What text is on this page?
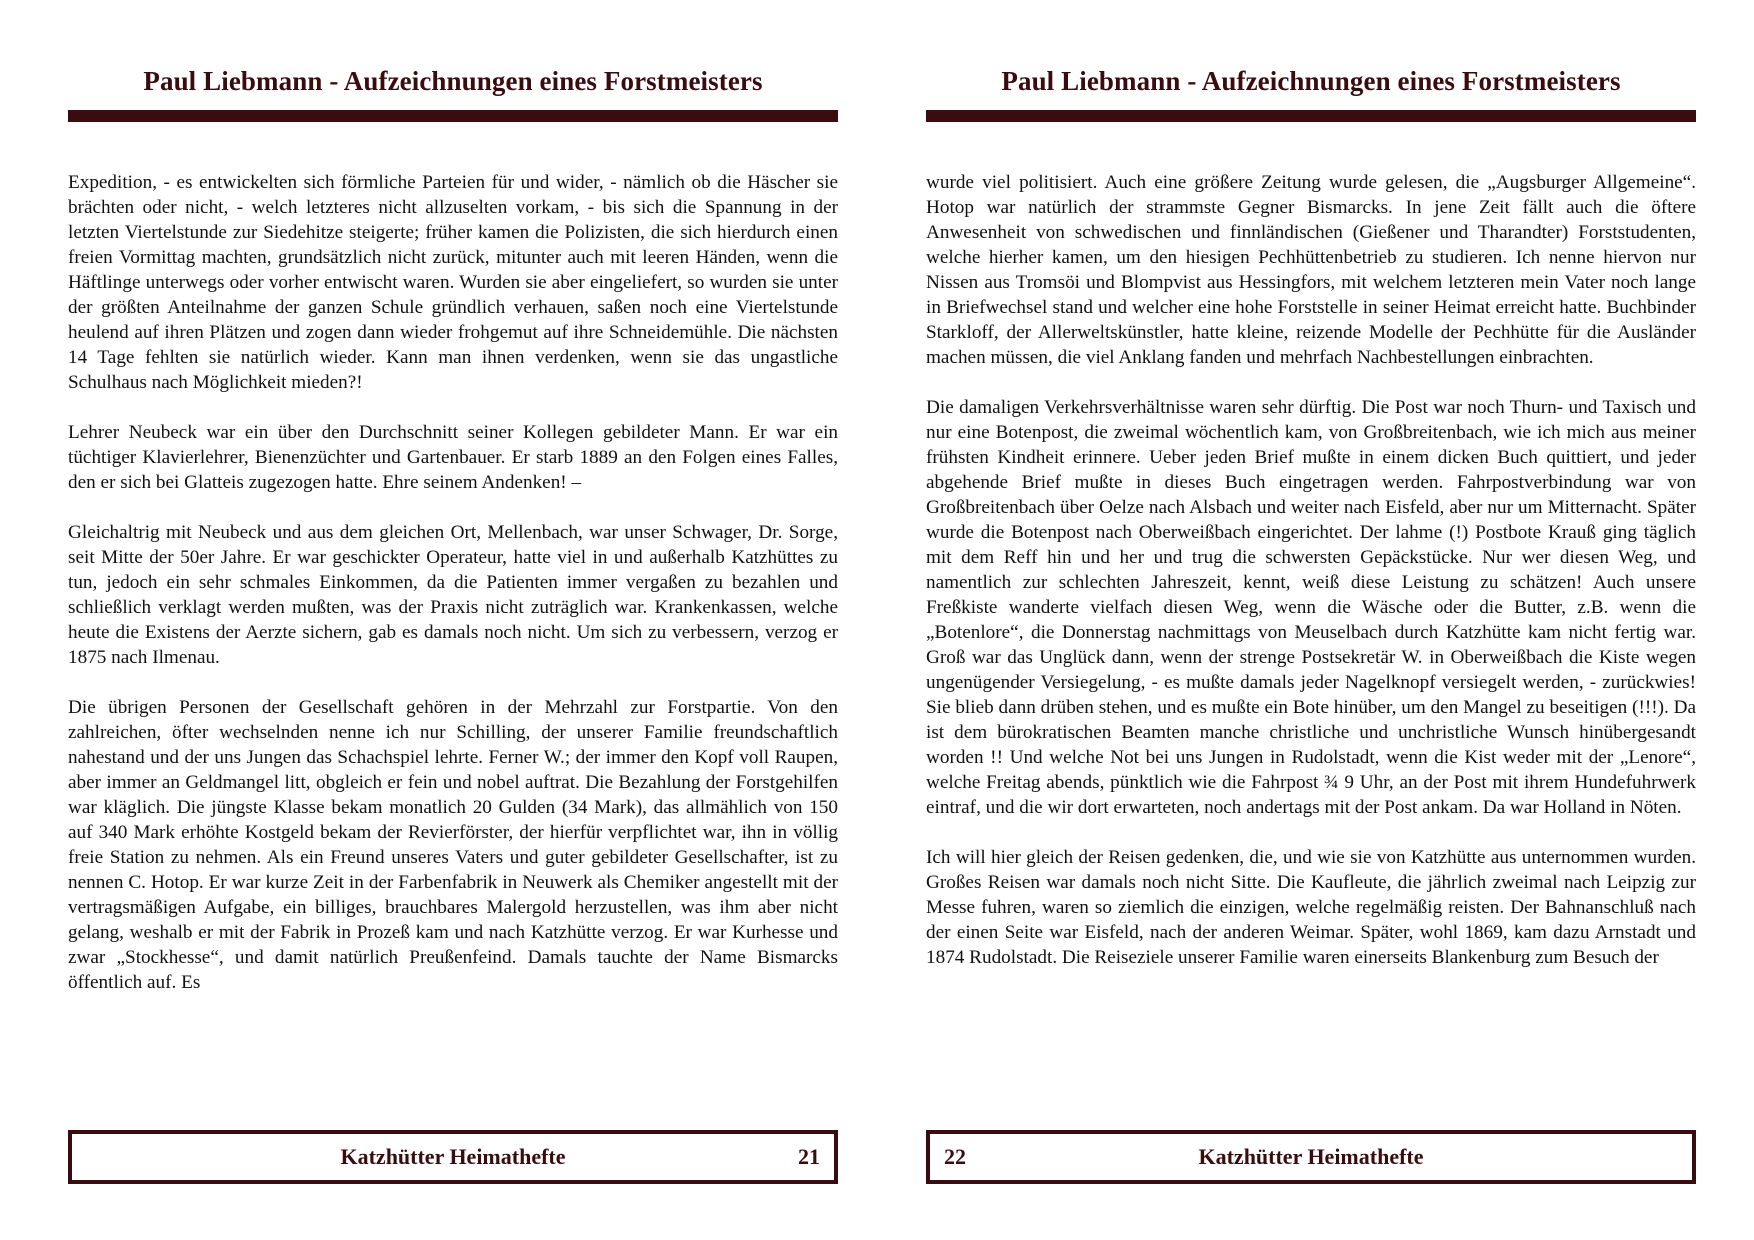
Paul Liebmann - Aufzeichnungen eines Forstmeisters

Expedition, - es entwickelten sich förmliche Parteien für und wider, - nämlich ob die Häscher sie brächten oder nicht, - welch letzteres nicht allzuselten vorkam, - bis sich die Spannung in der letzten Viertelstunde zur Siedehitze steigerte; früher kamen die Polizisten, die sich hierdurch einen freien Vormittag machten, grundsätzlich nicht zurück, mitunter auch mit leeren Händen, wenn die Häftlinge unterwegs oder vorher entwischt waren. Wurden sie aber eingeliefert, so wurden sie unter der größten Anteilnahme der ganzen Schule gründlich verhauen, saßen noch eine Viertelstunde heulend auf ihren Plätzen und zogen dann wieder frohgemut auf ihre Schneidemühle. Die nächsten 14 Tage fehlten sie natürlich wieder. Kann man ihnen verdenken, wenn sie das ungastliche Schulhaus nach Möglichkeit mieden?!

Lehrer Neubeck war ein über den Durchschnitt seiner Kollegen gebildeter Mann. Er war ein tüchtiger Klavierlehrer, Bienenzüchter und Gartenbauer. Er starb 1889 an den Folgen eines Falles, den er sich bei Glatteis zugezogen hatte. Ehre seinem Andenken! –

Gleichaltrig mit Neubeck und aus dem gleichen Ort, Mellenbach, war unser Schwager, Dr. Sorge, seit Mitte der 50er Jahre. Er war geschickter Operateur, hatte viel in und außerhalb Katzhüttes zu tun, jedoch ein sehr schmales Einkommen, da die Patienten immer vergaßen zu bezahlen und schließlich verklagt werden mußten, was der Praxis nicht zuträglich war. Krankenkassen, welche heute die Existens der Aerzte sichern, gab es damals noch nicht. Um sich zu verbessern, verzog er 1875 nach Ilmenau.

Die übrigen Personen der Gesellschaft gehören in der Mehrzahl zur Forstpartie. Von den zahlreichen, öfter wechselnden nenne ich nur Schilling, der unserer Familie freundschaftlich nahestand und der uns Jungen das Schachspiel lehrte. Ferner W.; der immer den Kopf voll Raupen, aber immer an Geldmangel litt, obgleich er fein und nobel auftrat. Die Bezahlung der Forstgehilfen war kläglich. Die jüngste Klasse bekam monatlich 20 Gulden (34 Mark), das allmählich von 150 auf 340 Mark erhöhte Kostgeld bekam der Revierförster, der hierfür verpflichtet war, ihn in völlig freie Station zu nehmen. Als ein Freund unseres Vaters und guter gebildeter Gesellschafter, ist zu nennen C. Hotop. Er war kurze Zeit in der Farbenfabrik in Neuwerk als Chemiker angestellt mit der vertragsmäßigen Aufgabe, ein billiges, brauchbares Malergold herzustellen, was ihm aber nicht gelang, weshalb er mit der Fabrik in Prozeß kam und nach Katzhütte verzog. Er war Kurhesse und zwar „Stockhesse“, und damit natürlich Preußenfeind. Damals tauchte der Name Bismarcks öffentlich auf. Es

Katzhütter Heimathefte	21
Paul Liebmann - Aufzeichnungen eines Forstmeisters

wurde viel politisiert. Auch eine größere Zeitung wurde gelesen, die „Augsburger Allgemeine“. Hotop war natürlich der strammste Gegner Bismarcks. In jene Zeit fällt auch die öftere Anwesenheit von schwedischen und finnländischen (Gießener und Tharandter) Forststudenten, welche hierher kamen, um den hiesigen Pechhüttenbetrieb zu studieren. Ich nenne hiervon nur Nissen aus Tromsöi und Blompvist aus Hessingfors, mit welchem letzteren mein Vater noch lange in Briefwechsel stand und welcher eine hohe Forststelle in seiner Heimat erreicht hatte. Buchbinder Starkloff, der Allerweltskünstler, hatte kleine, reizende Modelle der Pechhütte für die Ausländer machen müssen, die viel Anklang fanden und mehrfach Nachbestellungen einbrachten.

Die damaligen Verkehrsverhältnisse waren sehr dürftig. Die Post war noch Thurn- und Taxisch und nur eine Botenpost, die zweimal wöchentlich kam, von Großbreitenbach, wie ich mich aus meiner frühsten Kindheit erinnere. Ueber jeden Brief mußte in einem dicken Buch quittiert, und jeder abgehende Brief mußte in dieses Buch eingetragen werden. Fahrpostverbindung war von Großbreitenbach über Oelze nach Alsbach und weiter nach Eisfeld, aber nur um Mitternacht. Später wurde die Botenpost nach Oberweißbach eingerichtet. Der lahme (!) Postbote Krauß ging täglich mit dem Reff hin und her und trug die schwersten Gepäckstücke. Nur wer diesen Weg, und namentlich zur schlechten Jahreszeit, kennt, weiß diese Leistung zu schätzen! Auch unsere Freßkiste wanderte vielfach diesen Weg, wenn die Wäsche oder die Butter, z.B. wenn die „Botenlore“, die Donnerstag nachmittags von Meuselbach durch Katzhütte kam nicht fertig war. Groß war das Unglück dann, wenn der strenge Postsekretär W. in Oberweißbach die Kiste wegen ungenügender Versiegelung, - es mußte damals jeder Nagelknopf versiegelt werden, - zurückwies! Sie blieb dann drüben stehen, und es mußte ein Bote hinüber, um den Mangel zu beseitigen (!!!). Da ist dem bürokratischen Beamten manche christliche und unchristliche Wunsch hinübergesandt worden !! Und welche Not bei uns Jungen in Rudolstadt, wenn die Kist weder mit der „Lenore“, welche Freitag abends, pünktlich wie die Fahrpost ¾ 9 Uhr, an der Post mit ihrem Hundefuhrwerk eintraf, und die wir dort erwarteten, noch andertags mit der Post ankam. Da war Holland in Nöten.

Ich will hier gleich der Reisen gedenken, die, und wie sie von Katzhütte aus unternommen wurden. Großes Reisen war damals noch nicht Sitte. Die Kaufleute, die jährlich zweimal nach Leipzig zur Messe fuhren, waren so ziemlich die einzigen, welche regelmäßig reisten. Der Bahnanschluß nach der einen Seite war Eisfeld, nach der anderen Weimar. Später, wohl 1869, kam dazu Arnstadt und 1874 Rudolstadt. Die Reiseziele unserer Familie waren einerseits Blankenburg zum Besuch der

22	Katzhütter Heimathefte
